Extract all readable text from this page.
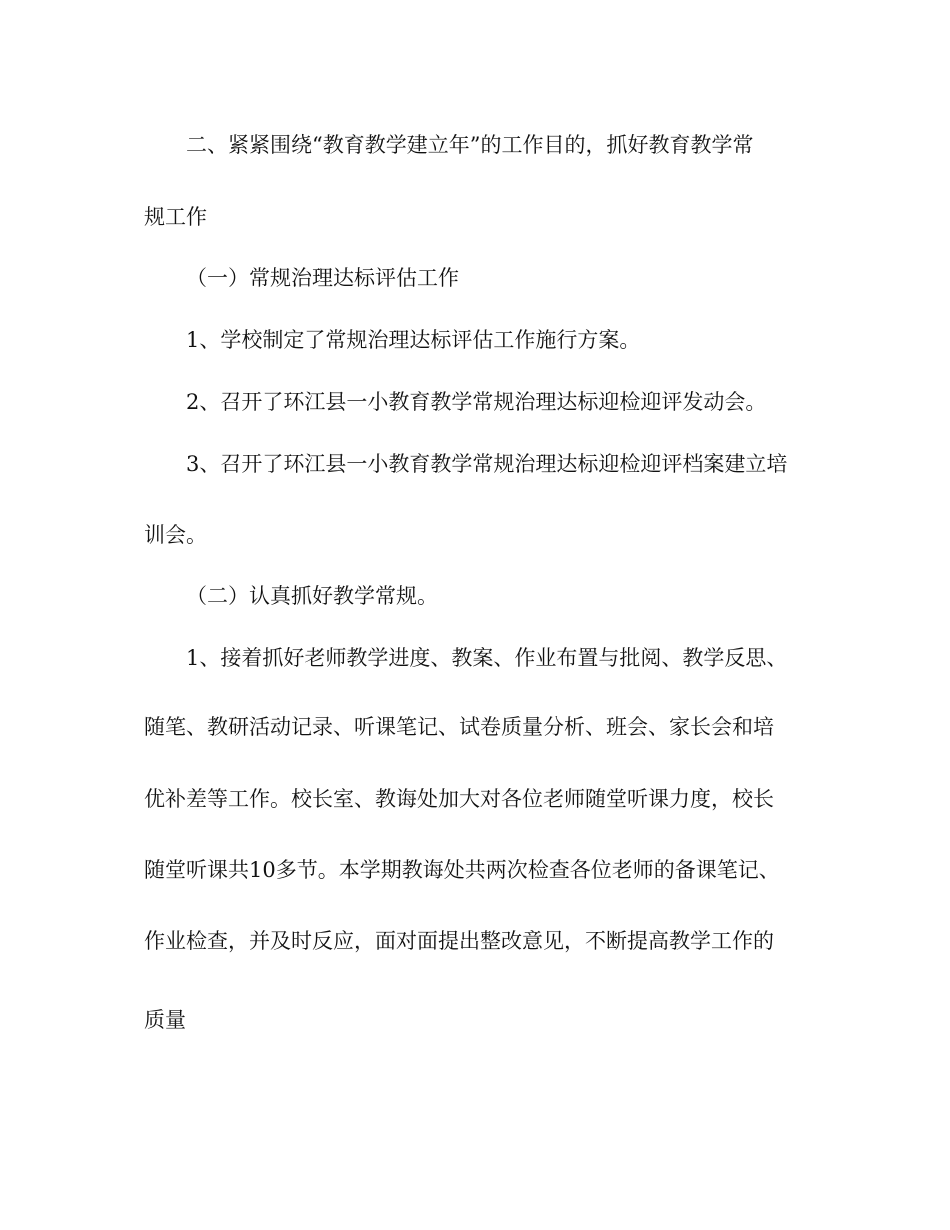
二、紧紧围绕“教育教学建立年”的工作目的，抓好教育教学常
规工作
（一）常规治理达标评估工作
1、学校制定了常规治理达标评估工作施行方案。
2、召开了环江县一小教育教学常规治理达标迎检迎评发动会。
3、召开了环江县一小教育教学常规治理达标迎检迎评档案建立培
训会。
（二）认真抓好教学常规。
1、接着抓好老师教学进度、教案、作业布置与批阅、教学反思、
随笔、教研活动记录、听课笔记、试卷质量分析、班会、家长会和培
优补差等工作。校长室、教诲处加大对各位老师随堂听课力度，校长
随堂听课共10多节。本学期教诲处共两次检查各位老师的备课笔记、
作业检查，并及时反应，面对面提出整改意见，不断提高教学工作的
质量
